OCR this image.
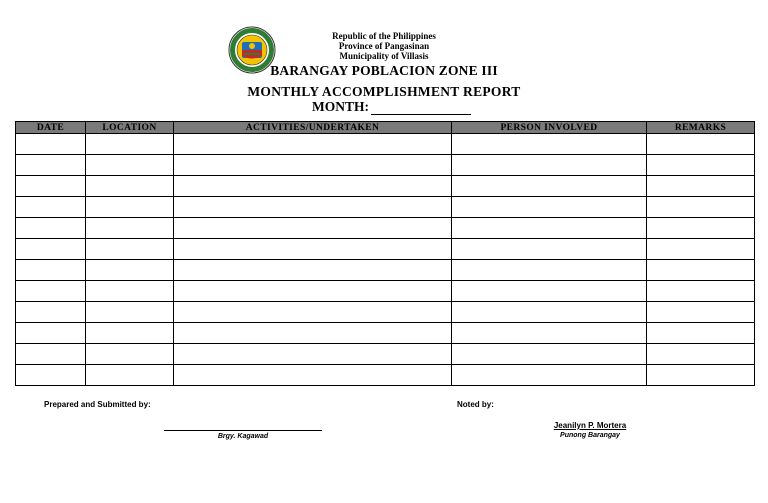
Republic of the Philippines
Province of Pangasinan
Municipality of Villasis
BARANGAY POBLACION ZONE III
MONTHLY ACCOMPLISHMENT REPORT
MONTH:
DATE	LOCATION	ACTIVITIES/UNDERTAKEN	PERSON INVOLVED	REMARKS

Prepared and Submitted by:
Brgy. Kagawad
Noted by:
Jeanilyn P. Mortera
Punong Barangay
